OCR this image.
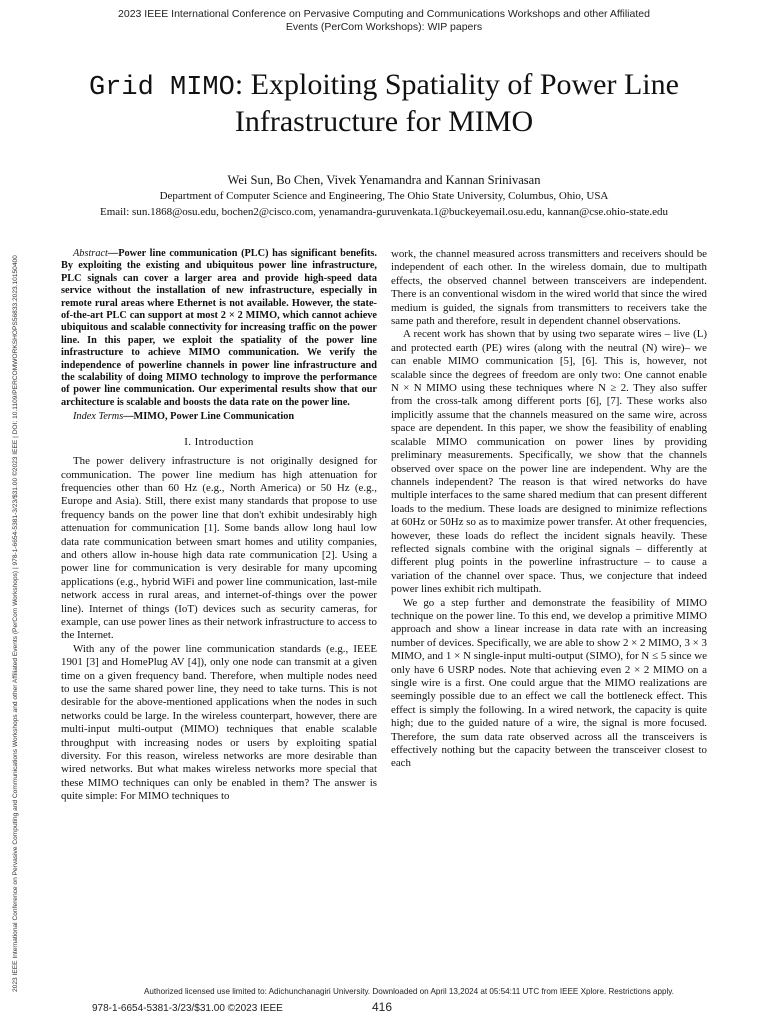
2023 IEEE International Conference on Pervasive Computing and Communications Workshops and other Affiliated
Events (PerCom Workshops): WIP papers
2023 IEEE International Conference on Pervasive Computing and Communications Workshops and other Affiliated Events (PerCom Workshops) | 978-1-6654-5381-3/23/$31.00 ©2023 IEEE | DOI: 10.1109/PERCOMWORKSHOPS56833.2023.10150400
Grid MIMO: Exploiting Spatiality of Power Line
Infrastructure for MIMO
Wei Sun, Bo Chen, Vivek Yenamandra and Kannan Srinivasan
Department of Computer Science and Engineering, The Ohio State University, Columbus, Ohio, USA
Email: sun.1868@osu.edu, bochen2@cisco.com, yenamandra-guruvenkata.1@buckeyemail.osu.edu, kannan@cse.ohio-state.edu

Abstract—Power line communication (PLC) has significant benefits. By exploiting the existing and ubiquitous power line infrastructure, PLC signals can cover a larger area and provide high-speed data service without the installation of new infrastructure, especially in remote rural areas where Ethernet is not available. However, the state-of-the-art PLC can support at most 2 × 2 MIMO, which cannot achieve ubiquitous and scalable connectivity for increasing traffic on the power line. In this paper, we exploit the spatiality of the power line infrastructure to achieve MIMO communication. We verify the independence of powerline channels in power line infrastructure and the scalability of doing MIMO technology to improve the performance of power line communication. Our experimental results show that our architecture is scalable and boosts the data rate on the power line.

Index Terms—MIMO, Power Line Communication

I. Introduction

The power delivery infrastructure is not originally designed for communication. The power line medium has high attenuation for frequencies other than 60 Hz (e.g., North America) or 50 Hz (e.g., Europe and Asia). Still, there exist many standards that propose to use frequency bands on the power line that don't exhibit undesirably high attenuation for communication [1]. Some bands allow long haul low data rate communication between smart homes and utility companies, and others allow in-house high data rate communication [2]. Using a power line for communication is very desirable for many upcoming applications (e.g., hybrid WiFi and power line communication, last-mile network access in rural areas, and internet-of-things over the power line). Internet of things (IoT) devices such as security cameras, for example, can use power lines as their network infrastructure to access to the Internet.

With any of the power line communication standards (e.g., IEEE 1901 [3] and HomePlug AV [4]), only one node can transmit at a given time on a given frequency band. Therefore, when multiple nodes need to use the same shared power line, they need to take turns. This is not desirable for the above-mentioned applications when the nodes in such networks could be large. In the wireless counterpart, however, there are multi-input multi-output (MIMO) techniques that enable scalable throughput with increasing nodes or users by exploiting spatial diversity. For this reason, wireless networks are more desirable than wired networks. But what makes wireless networks more special that these MIMO techniques can only be enabled in them? The answer is quite simple: For MIMO techniques to

work, the channel measured across transmitters and receivers should be independent of each other. In the wireless domain, due to multipath effects, the observed channel between transceivers are independent. There is an conventional wisdom in the wired world that since the wired medium is guided, the signals from transmitters to receivers take the same path and therefore, result in dependent channel observations.

A recent work has shown that by using two separate wires – live (L) and protected earth (PE) wires (along with the neutral (N) wire)– we can enable MIMO communication [5], [6]. This is, however, not scalable since the degrees of freedom are only two: One cannot enable N × N MIMO using these techniques where N ≥ 2. They also suffer from the cross-talk among different ports [6], [7]. These works also implicitly assume that the channels measured on the same wire, across space are dependent. In this paper, we show the feasibility of enabling scalable MIMO communication on power lines by providing preliminary measurements. Specifically, we show that the channels observed over space on the power line are independent. Why are the channels independent? The reason is that wired networks do have multiple interfaces to the same shared medium that can present different loads to the medium. These loads are designed to minimize reflections at 60Hz or 50Hz so as to maximize power transfer. At other frequencies, however, these loads do reflect the incident signals heavily. These reflected signals combine with the original signals – differently at different plug points in the powerline infrastructure – to cause a variation of the channel over space. Thus, we conjecture that indeed power lines exhibit rich multipath.

We go a step further and demonstrate the feasibility of MIMO technique on the power line. To this end, we develop a primitive MIMO approach and show a linear increase in data rate with an increasing number of devices. Specifically, we are able to show 2 × 2 MIMO, 3 × 3 MIMO, and 1 × N single-input multi-output (SIMO), for N ≤ 5 since we only have 6 USRP nodes. Note that achieving even 2 × 2 MIMO on a single wire is a first. One could argue that the MIMO realizations are seemingly possible due to an effect we call the bottleneck effect. This effect is simply the following. In a wired network, the capacity is quite high; due to the guided nature of a wire, the signal is more focused. Therefore, the sum data rate observed across all the transceivers is effectively nothing but the capacity between the transceiver closest to each

Authorized licensed use limited to: Adichunchanagiri University. Downloaded on April 13,2024 at 05:54:11 UTC from IEEE Xplore. Restrictions apply.
978-1-6654-5381-3/23/$31.00 ©2023 IEEE	416
